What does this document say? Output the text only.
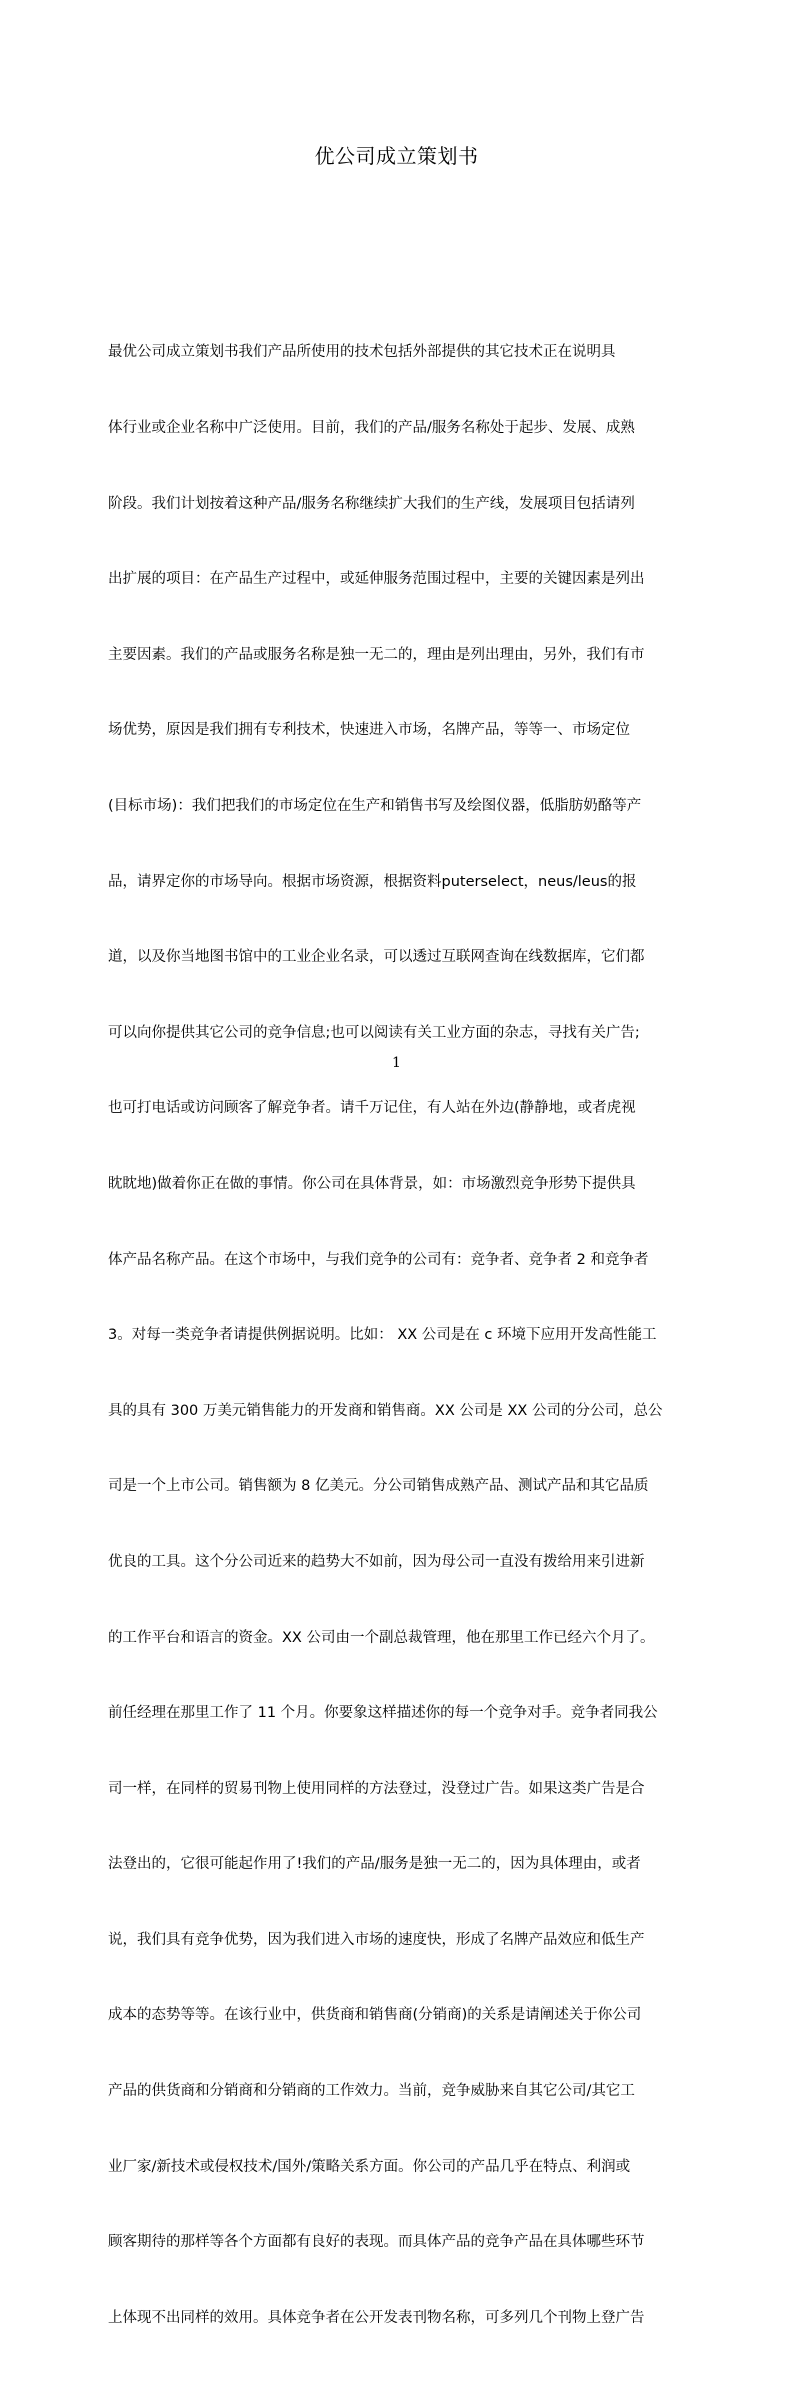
优公司成立策划书

最优公司成立策划书我们产品所使用的技术包括外部提供的其它技术正在说明具

体行业或企业名称中广泛使用。目前，我们的产品/服务名称处于起步、发展、成熟

阶段。我们计划按着这种产品/服务名称继续扩大我们的生产线，发展项目包括请列

出扩展的项目：在产品生产过程中，或延伸服务范围过程中，主要的关键因素是列出

主要因素。我们的产品或服务名称是独一无二的，理由是列出理由，另外，我们有市

场优势，原因是我们拥有专利技术，快速进入市场，名牌产品，等等一、市场定位

(目标市场)：我们把我们的市场定位在生产和销售书写及绘图仪器，低脂肪奶酪等产

品，请界定你的市场导向。根据市场资源，根据资料puterselect，neus/leus的报

道，以及你当地图书馆中的工业企业名录，可以透过互联网查询在线数据库，它们都

可以向你提供其它公司的竞争信息;也可以阅读有关工业方面的杂志，寻找有关广告;

也可打电话或访问顾客了解竞争者。请千万记住，有人站在外边(静静地，或者虎视

眈眈地)做着你正在做的事情。你公司在具体背景，如：市场激烈竞争形势下提供具

体产品名称产品。在这个市场中，与我们竞争的公司有：竞争者、竞争者 2 和竞争者

3。对每一类竞争者请提供例据说明。比如： XX 公司是在 c 环境下应用开发高性能工

具的具有 300 万美元销售能力的开发商和销售商。XX 公司是 XX 公司的分公司，总公

司是一个上市公司。销售额为 8 亿美元。分公司销售成熟产品、测试产品和其它品质

优良的工具。这个分公司近来的趋势大不如前，因为母公司一直没有拨给用来引进新

的工作平台和语言的资金。XX 公司由一个副总裁管理，他在那里工作已经六个月了。

前任经理在那里工作了 11 个月。你要象这样描述你的每一个竞争对手。竞争者同我公

司一样，在同样的贸易刊物上使用同样的方法登过，没登过广告。如果这类广告是合

法登出的，它很可能起作用了!我们的产品/服务是独一无二的，因为具体理由，或者

说，我们具有竞争优势，因为我们进入市场的速度快，形成了名牌产品效应和低生产

成本的态势等等。在该行业中，供货商和销售商(分销商)的关系是请阐述关于你公司

产品的供货商和分销商和分销商的工作效力。当前，竞争威胁来自其它公司/其它工

业厂家/新技术或侵权技术/国外/策略关系方面。你公司的产品几乎在特点、利润或

顾客期待的那样等各个方面都有良好的表现。而具体产品的竞争产品在具体哪些环节

上体现不出同样的效用。具体竞争者在公开发表刊物名称，可多列几个刊物上登广告

1
